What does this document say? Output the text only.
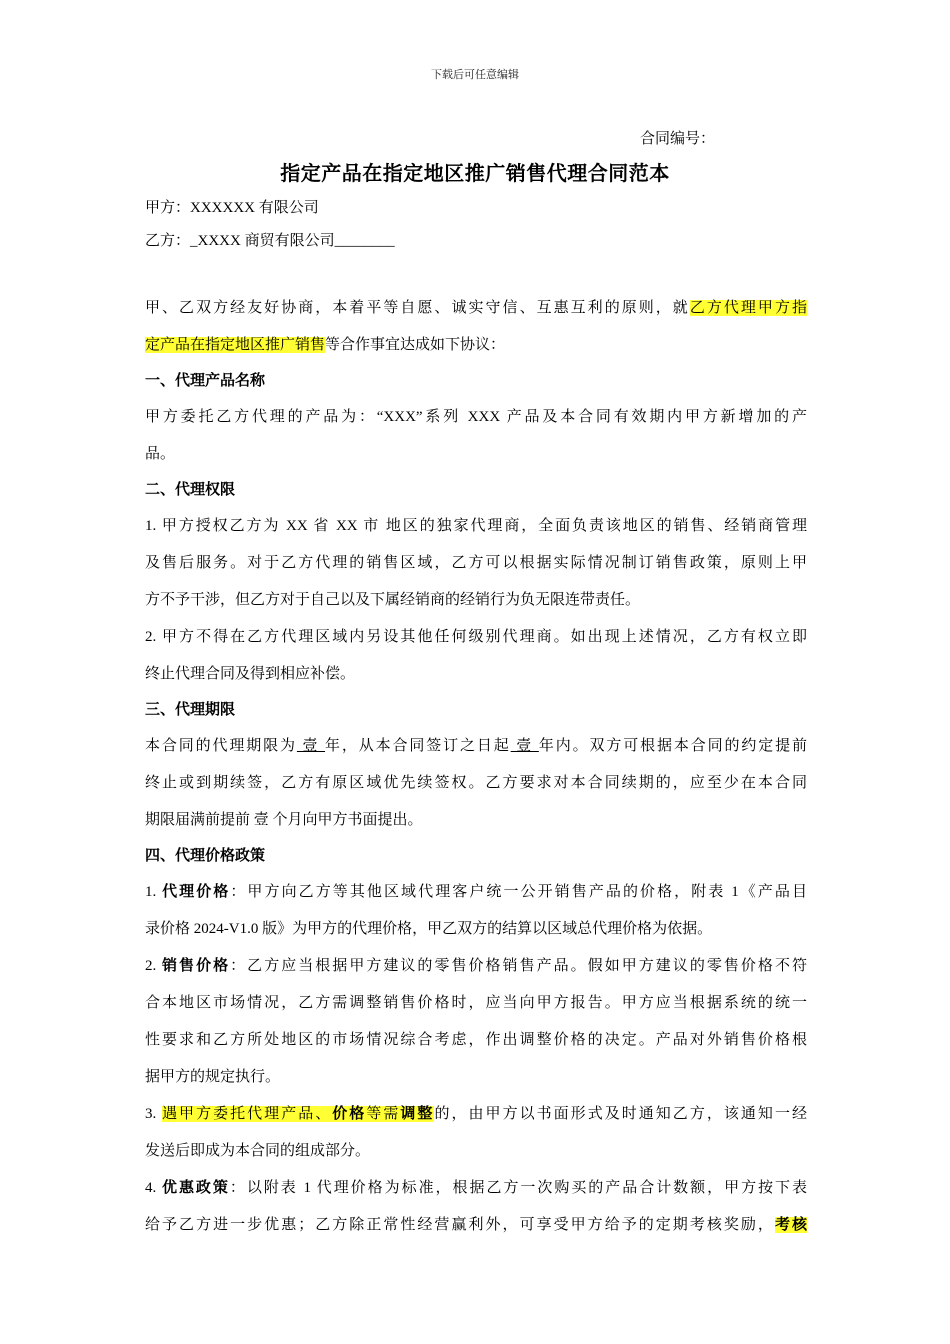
下载后可任意编辑
合同编号：
指定产品在指定地区推广销售代理合同范本
甲方：XXXXXX 有限公司
乙方：_XXXX 商贸有限公司________
甲、乙双方经友好协商，本着平等自愿、诚实守信、互惠互利的原则，就乙方代理甲方指
定产品在指定地区推广销售等合作事宜达成如下协议：
一、代理产品名称
甲方委托乙方代理的产品为：“XXX”系列 XXX 产品及本合同有效期内甲方新增加的产
品。
二、代理权限
1. 甲方授权乙方为 XX 省 XX 市 地区的独家代理商，全面负责该地区的销售、经销商管理
及售后服务。对于乙方代理的销售区域，乙方可以根据实际情况制订销售政策，原则上甲
方不予干涉，但乙方对于自己以及下属经销商的经销行为负无限连带责任。
2. 甲方不得在乙方代理区域内另设其他任何级别代理商。如出现上述情况，乙方有权立即
终止代理合同及得到相应补偿。
三、代理期限
本合同的代理期限为 壹 年，从本合同签订之日起 壹 年内。双方可根据本合同的约定提前
终止或到期续签，乙方有原区域优先续签权。乙方要求对本合同续期的，应至少在本合同
期限届满前提前 壹 个月向甲方书面提出。
四、代理价格政策
1. 代理价格：甲方向乙方等其他区域代理客户统一公开销售产品的价格，附表 1《产品目
录价格 2024-V1.0 版》为甲方的代理价格，甲乙双方的结算以区域总代理价格为依据。
2. 销售价格：乙方应当根据甲方建议的零售价格销售产品。假如甲方建议的零售价格不符
合本地区市场情况，乙方需调整销售价格时，应当向甲方报告。甲方应当根据系统的统一
性要求和乙方所处地区的市场情况综合考虑，作出调整价格的决定。产品对外销售价格根
据甲方的规定执行。
3. 遇甲方委托代理产品、价格等需调整的，由甲方以书面形式及时通知乙方，该通知一经
发送后即成为本合同的组成部分。
4. 优惠政策：以附表 1 代理价格为标准，根据乙方一次购买的产品合计数额，甲方按下表
给予乙方进一步优惠；乙方除正常性经营赢利外，可享受甲方给予的定期考核奖励，考核
